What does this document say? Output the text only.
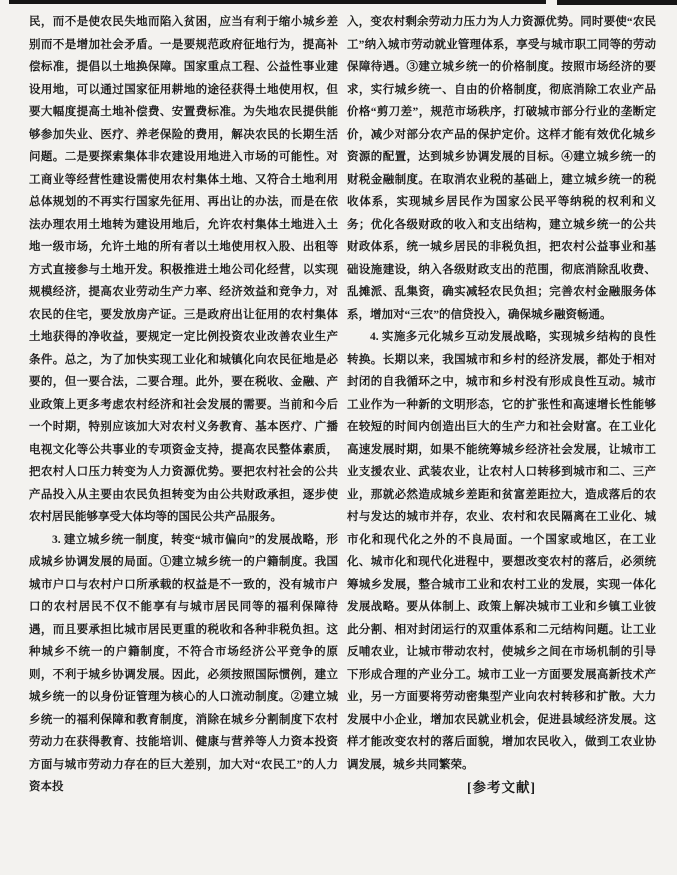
民，而不是使农民失地而陷入贫困，应当有利于缩小城乡差别而不是增加社会矛盾。一是要规范政府征地行为，提高补偿标准，提倡以土地换保障。国家重点工程、公益性事业建设用地，可以通过国家征用耕地的途径获得土地使用权，但要大幅度提高土地补偿费、安置费标准。为失地农民提供能够参加失业、医疗、养老保险的费用，解决农民的长期生活问题。二是要探索集体非农建设用地进入市场的可能性。对工商业等经营性建设需使用农村集体土地、又符合土地利用总体规划的不再实行国家先征用、再出让的办法，而是在依法办理农用土地转为建设用地后，允许农村集体土地进入土地一级市场，允许土地的所有者以土地使用权入股、出租等方式直接参与土地开发。积极推进土地公司化经营，以实现规模经济，提高农业劳动生产力率、经济效益和竞争力，对农民的住宅，要发放房产证。三是政府出让征用的农村集体土地获得的净收益，要规定一定比例投资农业改善农业生产条件。总之，为了加快实现工业化和城镇化向农民征地是必要的，但一要合法，二要合理。此外，要在税收、金融、产业政策上更多考虑农村经济和社会发展的需要。当前和今后一个时期，特别应该加大对农村义务教育、基本医疗、广播电视文化等公共事业的专项资金支持，提高农民整体素质，把农村人口压力转变为人力资源优势。要把农村社会的公共产品投入从主要由农民负担转变为由公共财政承担，逐步使农村居民能够享受大体均等的国民公共产品服务。

3. 建立城乡统一制度，转变“城市偏向”的发展战略，形成城乡协调发展的局面。①建立城乡统一的户籍制度。我国城市户口与农村户口所承载的权益是不一致的，没有城市户口的农村居民不仅不能享有与城市居民同等的福利保障待遇，而且要承担比城市居民更重的税收和各种非税负担。这种城乡不统一的户籍制度，不符合市场经济公平竞争的原则，不利于城乡协调发展。因此，必须按照国际惯例，建立城乡统一的以身份证管理为核心的人口流动制度。②建立城乡统一的福利保障和教育制度，消除在城乡分割制度下农村劳动力在获得教育、技能培训、健康与营养等人力资本投资方面与城市劳动力存在的巨大差别，加大对“农民工”的人力资本投

入，变农村剩余劳动力压力为人力资源优势。同时要使“农民工”纳入城市劳动就业管理体系，享受与城市职工同等的劳动保障待遇。③建立城乡统一的价格制度。按照市场经济的要求，实行城乡统一、自由的价格制度，彻底消除工农业产品价格“剪刀差”，规范市场秩序，打破城市部分行业的垄断定价，减少对部分农产品的保护定价。这样才能有效优化城乡资源的配置，达到城乡协调发展的目标。④建立城乡统一的财税金融制度。在取消农业税的基础上，建立城乡统一的税收体系，实现城乡居民作为国家公民平等纳税的权利和义务；优化各级财政的收入和支出结构，建立城乡统一的公共财政体系，统一城乡居民的非税负担，把农村公益事业和基础设施建设，纳入各级财政支出的范围，彻底消除乱收费、乱摊派、乱集资，确实减轻农民负担；完善农村金融服务体系，增加对“三农”的信贷投入，确保城乡融资畅通。

4. 实施多元化城乡互动发展战略，实现城乡结构的良性转换。长期以来，我国城市和乡村的经济发展，都处于相对封闭的自我循环之中，城市和乡村没有形成良性互动。城市工业作为一种新的文明形态，它的扩张性和高速增长性能够在较短的时间内创造出巨大的生产力和社会财富。在工业化高速发展时期，如果不能统筹城乡经济社会发展，让城市工业支援农业、武装农业，让农村人口转移到城市和二、三产业，那就必然造成城乡差距和贫富差距拉大，造成落后的农村与发达的城市并存，农业、农村和农民隔离在工业化、城市化和现代化之外的不良局面。一个国家或地区，在工业化、城市化和现代化进程中，要想改变农村的落后，必须统筹城乡发展，整合城市工业和农村工业的发展，实现一体化发展战略。要从体制上、政策上解决城市工业和乡镇工业彼此分割、相对封闭运行的双重体系和二元结构问题。让工业反哺农业，让城市带动农村，使城乡之间在市场机制的引导下形成合理的产业分工。城市工业一方面要发展高新技术产业，另一方面要将劳动密集型产业向农村转移和扩散。大力发展中小企业，增加农民就业机会，促进县域经济发展。这样才能改变农村的落后面貌，增加农民收入，做到工农业协调发展，城乡共同繁荣。

[参考文献]
